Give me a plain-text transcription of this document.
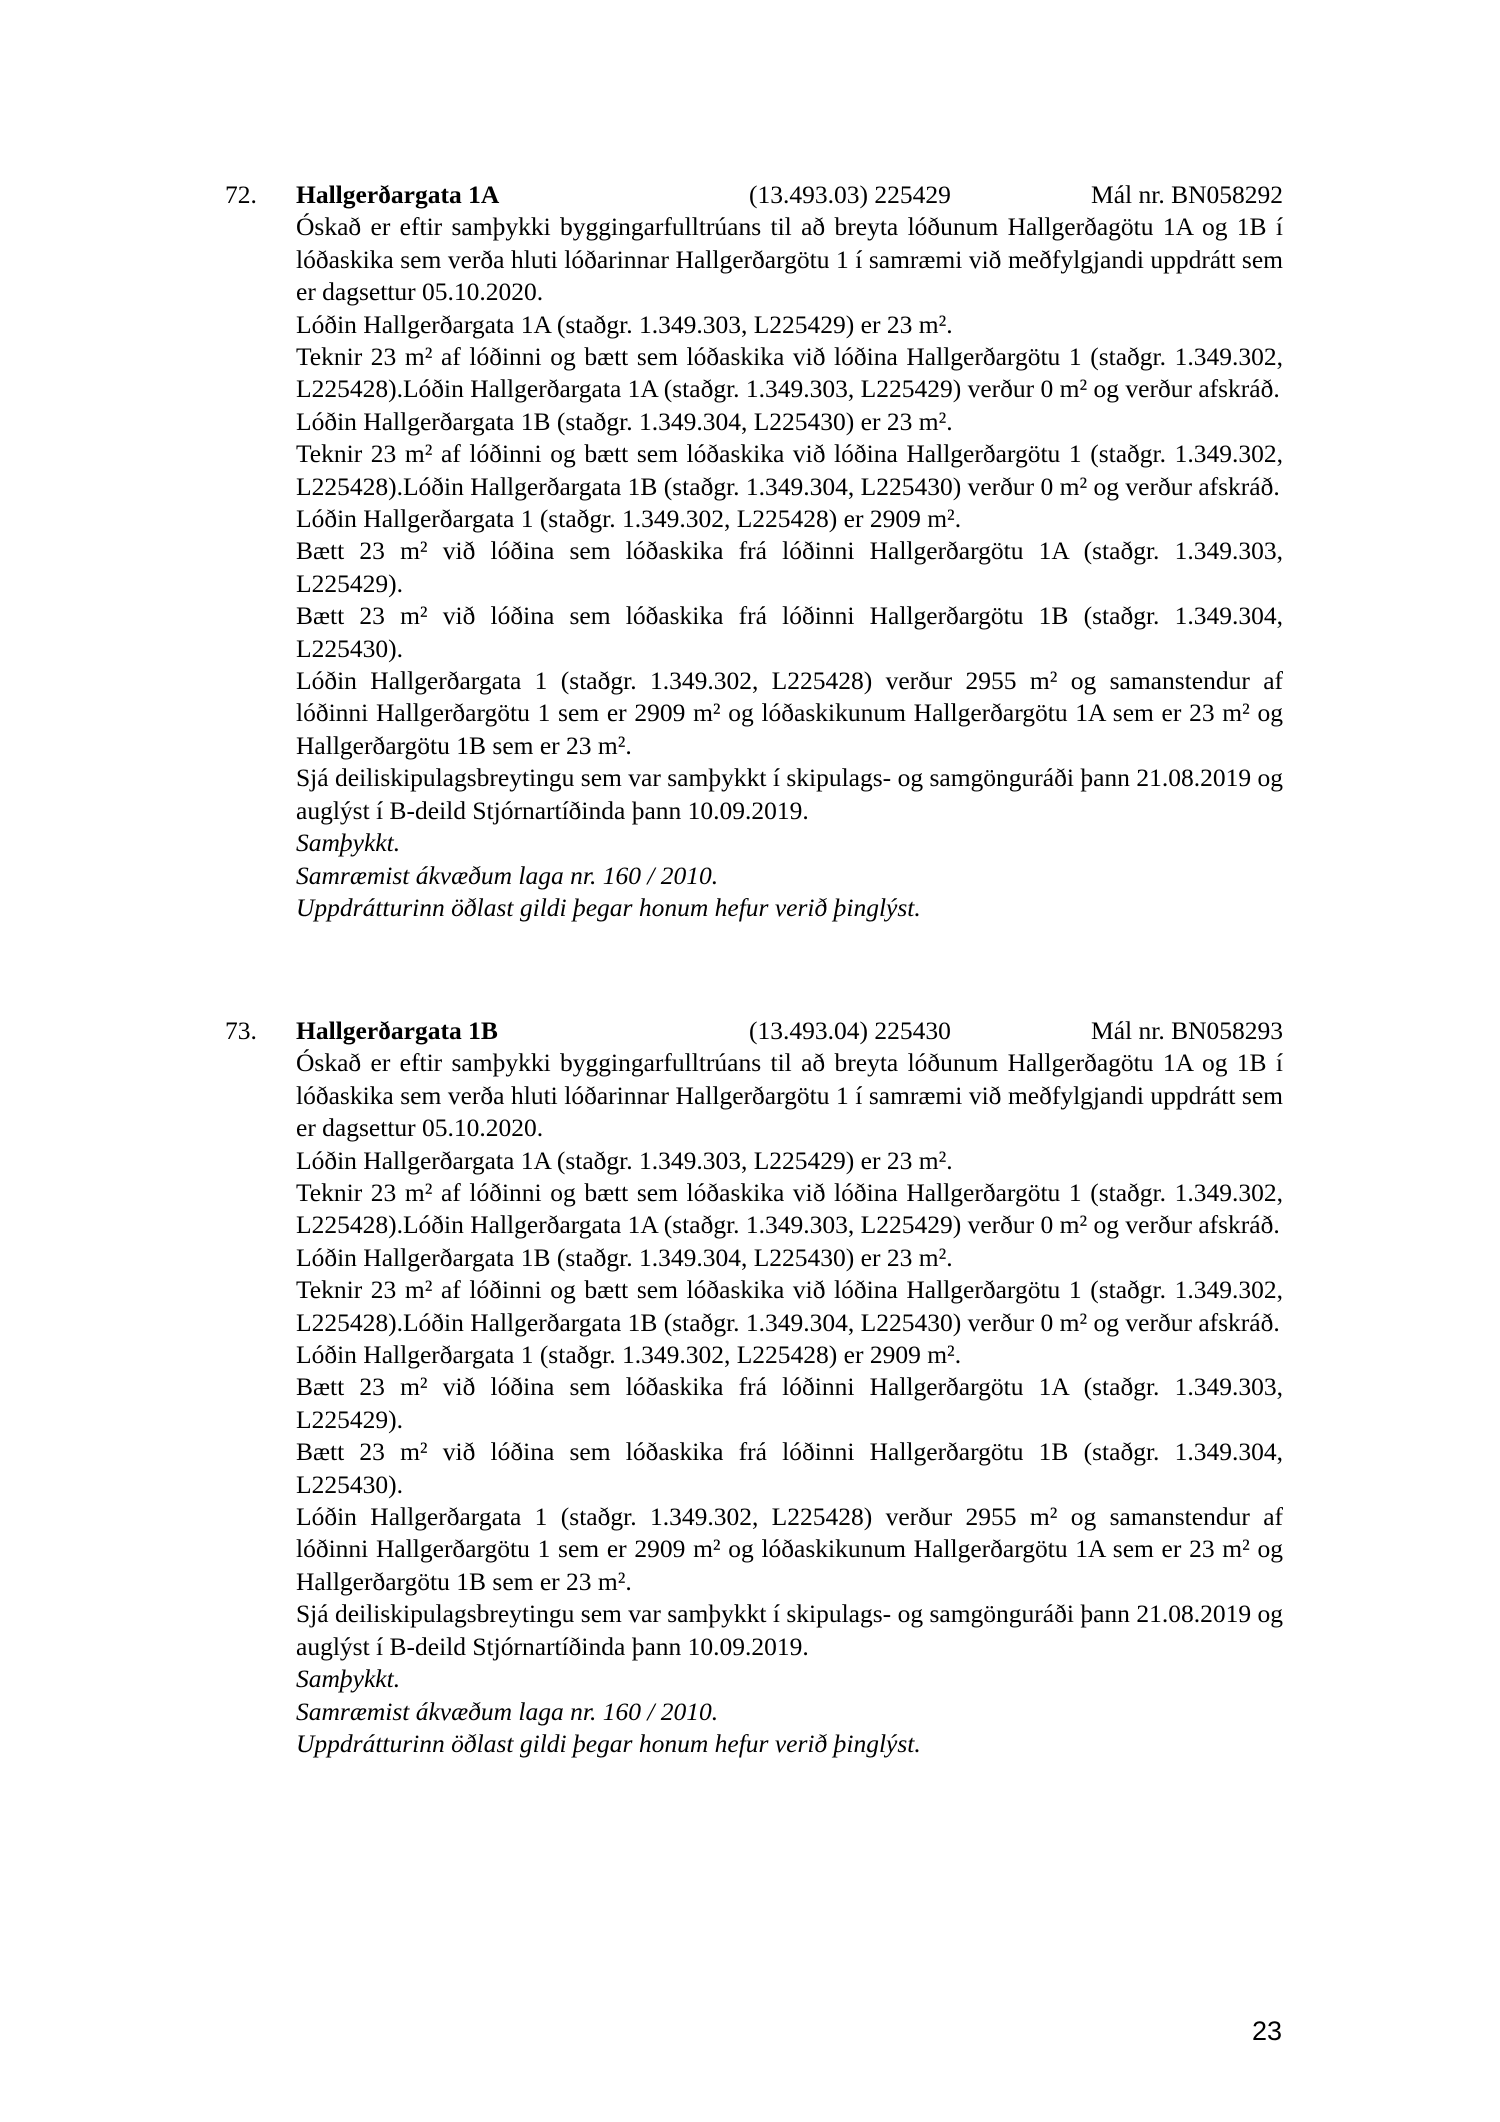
72. Hallgerðargata 1A	(13.493.03) 225429	Mál nr. BN058292
Óskað er eftir samþykki byggingarfulltrúans til að breyta lóðunum Hallgerðagötu 1A og 1B í lóðaskika sem verða hluti lóðarinnar Hallgerðargötu 1 í samræmi við meðfylgjandi uppdrátt sem er dagsettur 05.10.2020.
Lóðin Hallgerðargata 1A (staðgr. 1.349.303, L225429) er 23 m².
Teknir 23 m² af lóðinni og bætt sem lóðaskika við lóðina Hallgerðargötu 1 (staðgr. 1.349.302, L225428).Lóðin Hallgerðargata 1A (staðgr. 1.349.303, L225429) verður 0 m² og verður afskráð.
Lóðin Hallgerðargata 1B (staðgr. 1.349.304, L225430) er 23 m².
Teknir 23 m² af lóðinni og bætt sem lóðaskika við lóðina Hallgerðargötu 1 (staðgr. 1.349.302, L225428).Lóðin Hallgerðargata 1B (staðgr. 1.349.304, L225430) verður 0 m² og verður afskráð.
Lóðin Hallgerðargata 1 (staðgr. 1.349.302, L225428) er 2909 m².
Bætt 23 m² við lóðina sem lóðaskika frá lóðinni Hallgerðargötu 1A (staðgr. 1.349.303, L225429).
Bætt 23 m² við lóðina sem lóðaskika frá lóðinni Hallgerðargötu 1B (staðgr. 1.349.304, L225430).
Lóðin Hallgerðargata 1 (staðgr. 1.349.302, L225428) verður 2955 m² og samanstendur af lóðinni Hallgerðargötu 1 sem er 2909 m² og lóðaskikunum Hallgerðargötu 1A sem er 23 m² og Hallgerðargötu 1B sem er 23 m².
Sjá deiliskipulagsbreytingu sem var samþykkt í skipulags- og samgönguráði þann 21.08.2019 og auglýst í B-deild Stjórnartíðinda þann 10.09.2019.
Samþykkt.
Samræmist ákvæðum laga nr. 160 / 2010.
Uppdrátturinn öðlast gildi þegar honum hefur verið þinglýst.
73. Hallgerðargata 1B	(13.493.04) 225430	Mál nr. BN058293
Óskað er eftir samþykki byggingarfulltrúans til að breyta lóðunum Hallgerðagötu 1A og 1B í lóðaskika sem verða hluti lóðarinnar Hallgerðargötu 1 í samræmi við meðfylgjandi uppdrátt sem er dagsettur 05.10.2020.
Lóðin Hallgerðargata 1A (staðgr. 1.349.303, L225429) er 23 m².
Teknir 23 m² af lóðinni og bætt sem lóðaskika við lóðina Hallgerðargötu 1 (staðgr. 1.349.302, L225428).Lóðin Hallgerðargata 1A (staðgr. 1.349.303, L225429) verður 0 m² og verður afskráð.
Lóðin Hallgerðargata 1B (staðgr. 1.349.304, L225430) er 23 m².
Teknir 23 m² af lóðinni og bætt sem lóðaskika við lóðina Hallgerðargötu 1 (staðgr. 1.349.302, L225428).Lóðin Hallgerðargata 1B (staðgr. 1.349.304, L225430) verður 0 m² og verður afskráð.
Lóðin Hallgerðargata 1 (staðgr. 1.349.302, L225428) er 2909 m².
Bætt 23 m² við lóðina sem lóðaskika frá lóðinni Hallgerðargötu 1A (staðgr. 1.349.303, L225429).
Bætt 23 m² við lóðina sem lóðaskika frá lóðinni Hallgerðargötu 1B (staðgr. 1.349.304, L225430).
Lóðin Hallgerðargata 1 (staðgr. 1.349.302, L225428) verður 2955 m² og samanstendur af lóðinni Hallgerðargötu 1 sem er 2909 m² og lóðaskikunum Hallgerðargötu 1A sem er 23 m² og Hallgerðargötu 1B sem er 23 m².
Sjá deiliskipulagsbreytingu sem var samþykkt í skipulags- og samgönguráði þann 21.08.2019 og auglýst í B-deild Stjórnartíðinda þann 10.09.2019.
Samþykkt.
Samræmist ákvæðum laga nr. 160 / 2010.
Uppdrátturinn öðlast gildi þegar honum hefur verið þinglýst.
23
